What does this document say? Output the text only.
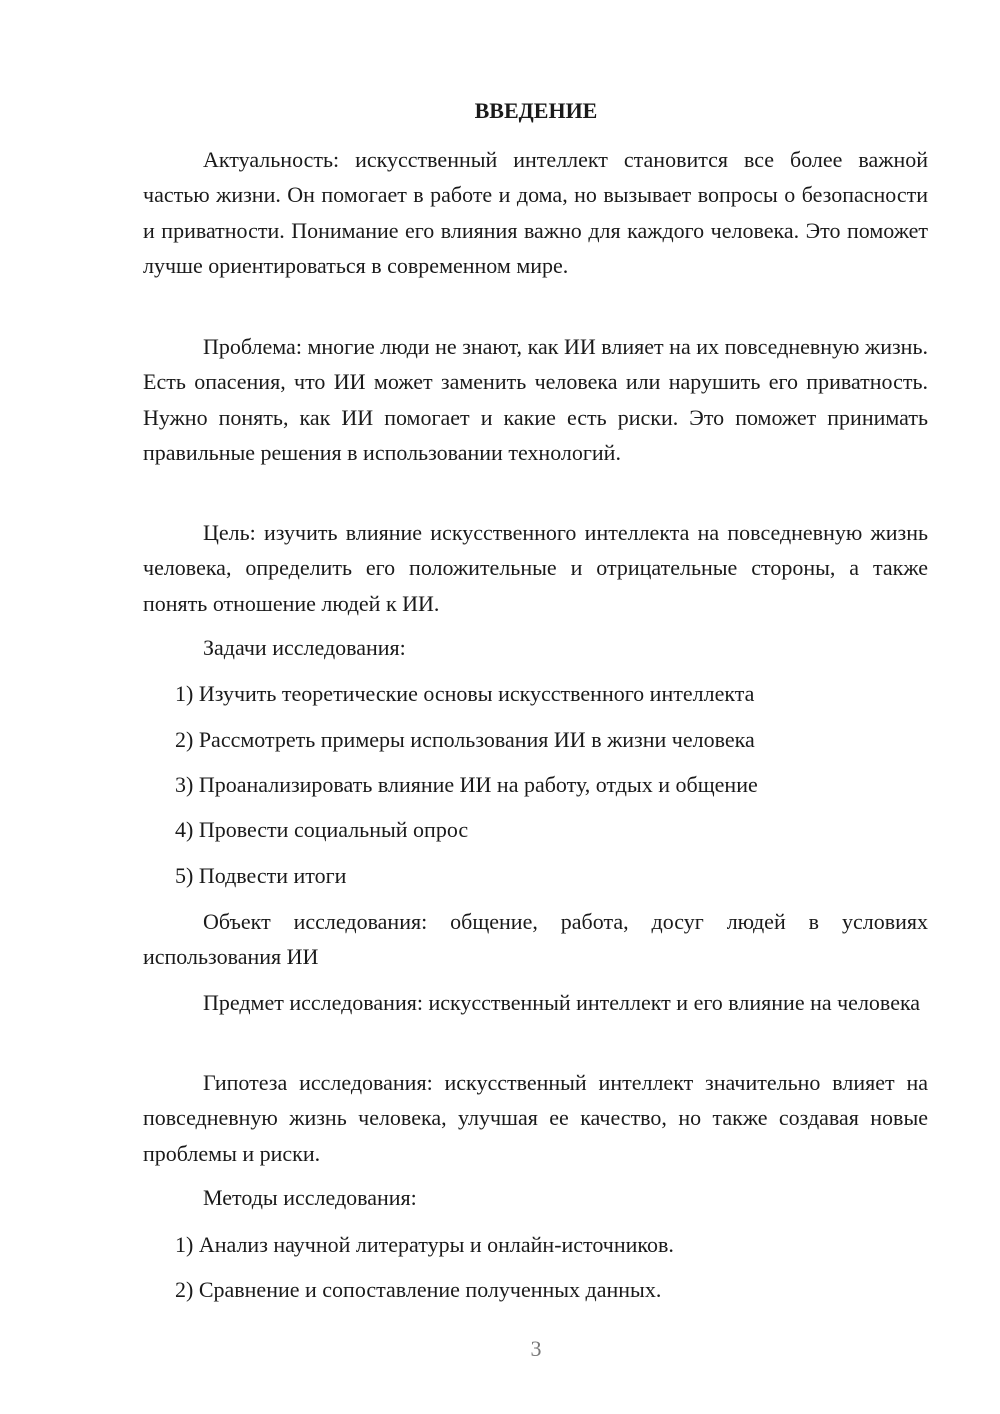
ВВЕДЕНИЕ

Актуальность: искусственный интеллект становится все более важной частью жизни. Он помогает в работе и дома, но вызывает вопросы о безопасности и приватности. Понимание его влияния важно для каждого человека. Это поможет лучше ориентироваться в современном мире.

Проблема: многие люди не знают, как ИИ влияет на их повседневную жизнь. Есть опасения, что ИИ может заменить человека или нарушить его приватность. Нужно понять, как ИИ помогает и какие есть риски. Это поможет принимать правильные решения в использовании технологий.

Цель: изучить влияние искусственного интеллекта на повседневную жизнь человека, определить его положительные и отрицательные стороны, а также понять отношение людей к ИИ.

Задачи исследования:

1) Изучить теоретические основы искусственного интеллекта

2) Рассмотреть примеры использования ИИ в жизни человека

3) Проанализировать влияние ИИ на работу, отдых и общение

4) Провести социальный опрос

5) Подвести итоги

Объект исследования: общение, работа, досуг людей в условиях использования ИИ

Предмет исследования: искусственный интеллект и его влияние на человека

Гипотеза исследования: искусственный интеллект значительно влияет на повседневную жизнь человека, улучшая ее качество, но также создавая новые проблемы и риски.

Методы исследования:

1) Анализ научной литературы и онлайн-источников.

2) Сравнение и сопоставление полученных данных.

3
